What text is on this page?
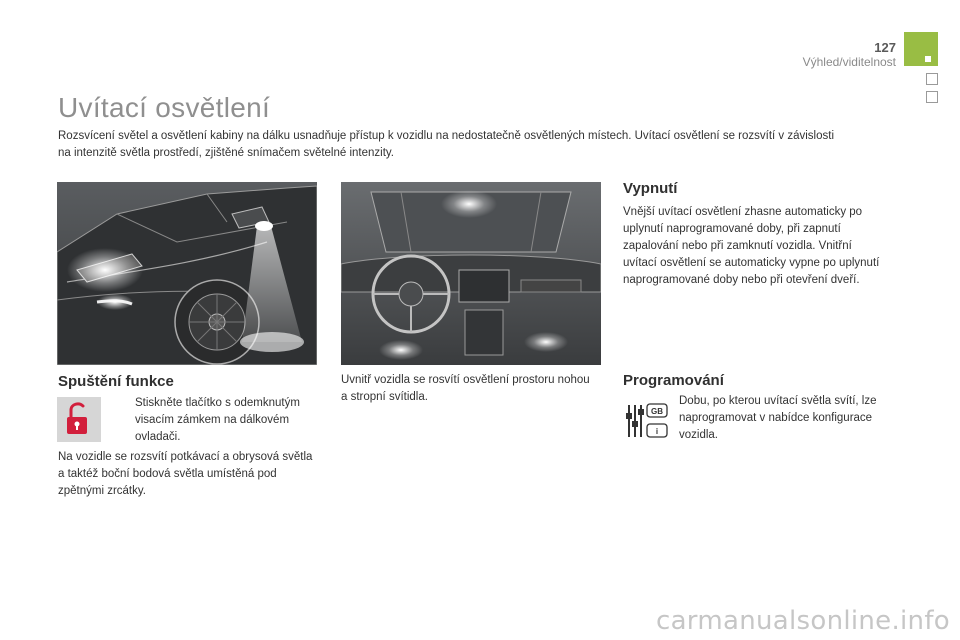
127
Výhled/viditelnost
Uvítací osvětlení
Rozsvícení světel a osvětlení kabiny na dálku usnadňuje přístup k vozidlu na nedostatečně osvětlených místech. Uvítací osvětlení se rozsvítí v závislosti na intenzitě světla prostředí, zjištěné snímačem světelné intenzity.
Spuštění funkce
Stiskněte tlačítko s odemknutým visacím zámkem na dálkovém ovladači.
Na vozidle se rozsvítí potkávací a obrysová světla a taktéž boční bodová světla umístěná pod zpětnými zrcátky.
Uvnitř vozidla se rosvítí osvětlení prostoru nohou a stropní svítidla.
Vypnutí
Vnější uvítací osvětlení zhasne automaticky po uplynutí naprogramované doby, při zapnutí zapalování nebo při zamknutí vozidla. Vnitřní uvítací osvětlení se automaticky vypne po uplynutí naprogramované doby nebo při otevření dveří.
Programování
GB
i
Dobu, po kterou uvítací světla svítí, lze naprogramovat v nabídce konfigurace vozidla.
carmanualsonline.info
